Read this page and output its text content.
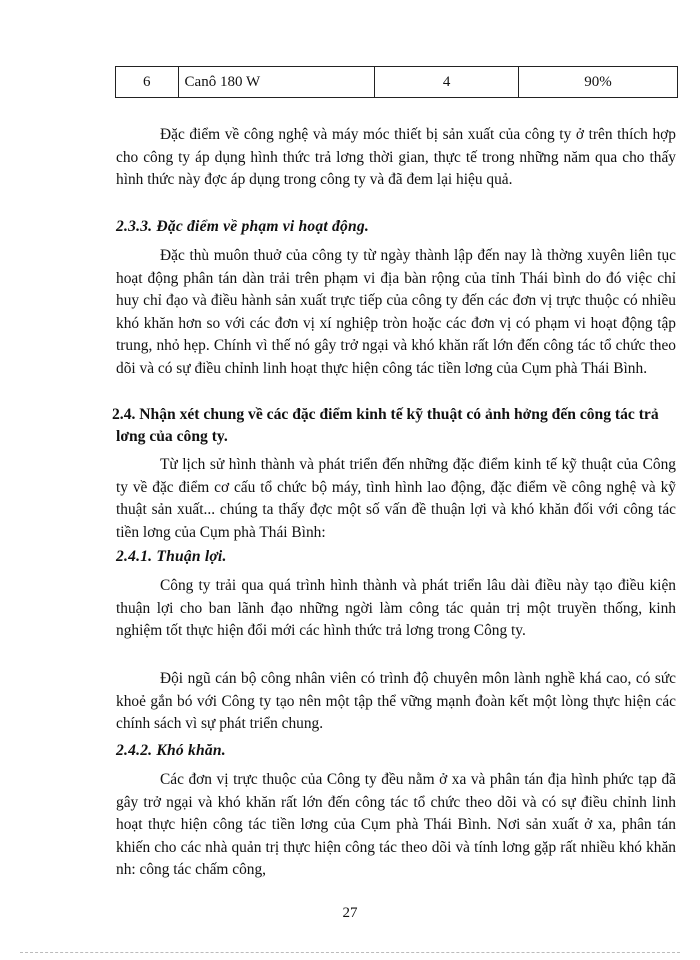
6	Canô 180 W	4	90%

Đặc điểm về công nghệ và máy móc thiết bị sản xuất của công ty ở trên thích hợp cho công ty áp dụng hình thức trả lơng thời gian, thực tế trong những năm qua cho thấy hình thức này đợc áp dụng trong công ty và đã đem lại hiệu quả.

2.3.3. Đặc điểm về phạm vi hoạt động.

Đặc thù muôn thuở của công ty từ ngày thành lập đến nay là thờng xuyên liên tục hoạt động phân tán dàn trải trên phạm vi địa bàn rộng của tỉnh Thái bình do đó việc chỉ huy chỉ đạo và điều hành sản xuất trực tiếp của công ty đến các đơn vị trực thuộc có nhiều khó khăn hơn so với các đơn vị xí nghiệp tròn hoặc các đơn vị có phạm vi hoạt động tập trung, nhỏ hẹp. Chính vì thế nó gây trở ngại và khó khăn rất lớn đến công tác tổ chức theo dõi và có sự điều chỉnh linh hoạt thực hiện công tác tiền lơng của Cụm phà Thái Bình.

2.4. Nhận xét chung về các đặc điểm kinh tế kỹ thuật có ảnh hởng đến công tác trả lơng của công ty.

Từ lịch sử hình thành và phát triển đến những đặc điểm kinh tế kỹ thuật của Công ty về đặc điểm cơ cấu tổ chức bộ máy, tình hình lao động, đặc điểm về công nghệ và kỹ thuật sản xuất... chúng ta thấy đợc một số vấn đề thuận lợi và khó khăn đối với công tác tiền lơng của Cụm phà Thái Bình:

2.4.1. Thuận lợi.

Công ty trải qua quá trình hình thành và phát triển lâu dài điều này tạo điều kiện thuận lợi cho ban lãnh đạo những ngời làm công tác quản trị một truyền thống, kinh nghiệm tốt thực hiện đổi mới các hình thức trả lơng trong Công ty.

Đội ngũ cán bộ công nhân viên có trình độ chuyên môn lành nghề khá cao, có sức khoẻ gắn bó với Công ty tạo nên một tập thể vững mạnh đoàn kết một lòng thực hiện các chính sách vì sự phát triển chung.

2.4.2. Khó khăn.

Các đơn vị trực thuộc của Công ty đều nằm ở xa và phân tán địa hình phức tạp đã gây trở ngại và khó khăn rất lớn đến công tác tổ chức theo dõi và có sự điều chỉnh linh hoạt thực hiện công tác tiền lơng của Cụm phà Thái Bình. Nơi sản xuất ở xa, phân tán khiến cho các nhà quản trị thực hiện công tác theo dõi và tính lơng gặp rất nhiều khó khăn nh: công tác chấm công,

27
